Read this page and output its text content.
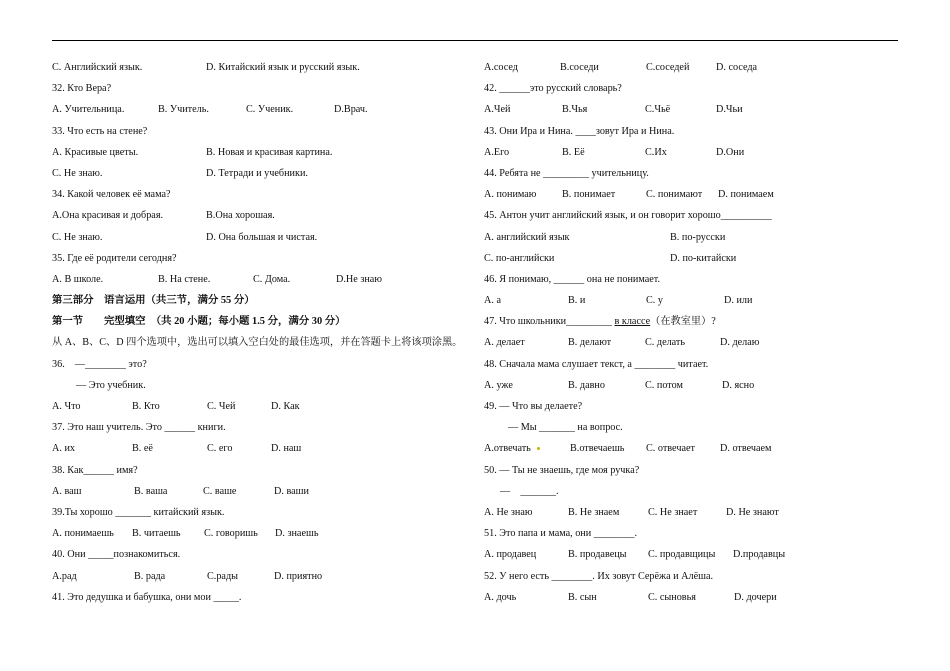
C. Английский язык.	D. Китайский язык и русский язык.
32. Кто Вера?
A. Учительница.	B. Учитель.	C. Ученик.	D.Врач.
33. Что есть на стене?
A. Красивые цветы.	B. Новая и красивая картина.
C. Не знаю.	D. Тетради и учебники.
34. Какой человек её мама?
A.Она красивая и добрая.	B.Она хорошая.
C. Не знаю.	D. Она большая и чистая.
35. Где её родители сегодня?
A. В школе.	B. На стене.	C. Дома.	D.Не знаю
第三部分　语言运用（共三节，满分 55 分）
第一节　　完型填空　（共 20 小题；每小题 1.5 分，满分 30 分）
从 A、B、C、D 四个选项中，选出可以填入空白处的最佳选项，并在答题卡上将该项涂黑。
36.　—________ это?
— Это учебник.
A. Что	B. Кто	C. Чей	D. Как
37. Это наш учитель. Это ______ книги.
A. их	B. её	C. его	D. наш
38. Как______ имя?
A. ваш	B. ваша	C. ваше	D. ваши
39.Ты хорошо _______ китайский язык.
A. понимаешь B. читаешь C. говоришь D. знаешь
40. Они _____познакомиться.
A.рад	B. рада	C.рады	D. приятно
41. Это дедушка и бабушка, они мои _____.
A.сосед	B.соседи	C.соседей	D. соседа
42. ______это русский словарь?
A.Чей	B.Чья	C.Чьё	D.Чьи
43. Они Ира и Нина. ____зовут Ира и Нина.
A.Его	B. Её	C.Их	D.Они
44. Ребята не _________ учительницу.
A. понимаю	B. понимает	C. понимают D. понимаем
45. Антон учит английский язык, и он говорит хорошо__________
A. английский язык	B. по-русски
C. по-английски	D. по-китайски
46. Я понимаю, ______ она не понимает.
A. а	B. и	C. у	D. или
47. Что школьники_________ в классе（在教室里）?
A. делает	B. делают	C. делать	D. делаю
48. Сначала мама слушает текст, а ________ читает.
A. уже	B. давно	C. потом	D. ясно
49. — Что вы делаете?
— Мы _______ на вопрос.
A.отвечать	B.отвечаешь C. отвечает D. отвечаем
50. — Ты не знаешь, где моя ручка?
—　_______.
A. Не знаю	B. Не знаем	C. Не знает	D. Не знают
51. Это папа и мама, они ________.
A. продавец	B. продавецы C. продавщицы D.продавцы
52. У него есть ________. Их зовут Серёжа и Алёша.
A. дочь	B. сын	C. сыновья	D. дочери
